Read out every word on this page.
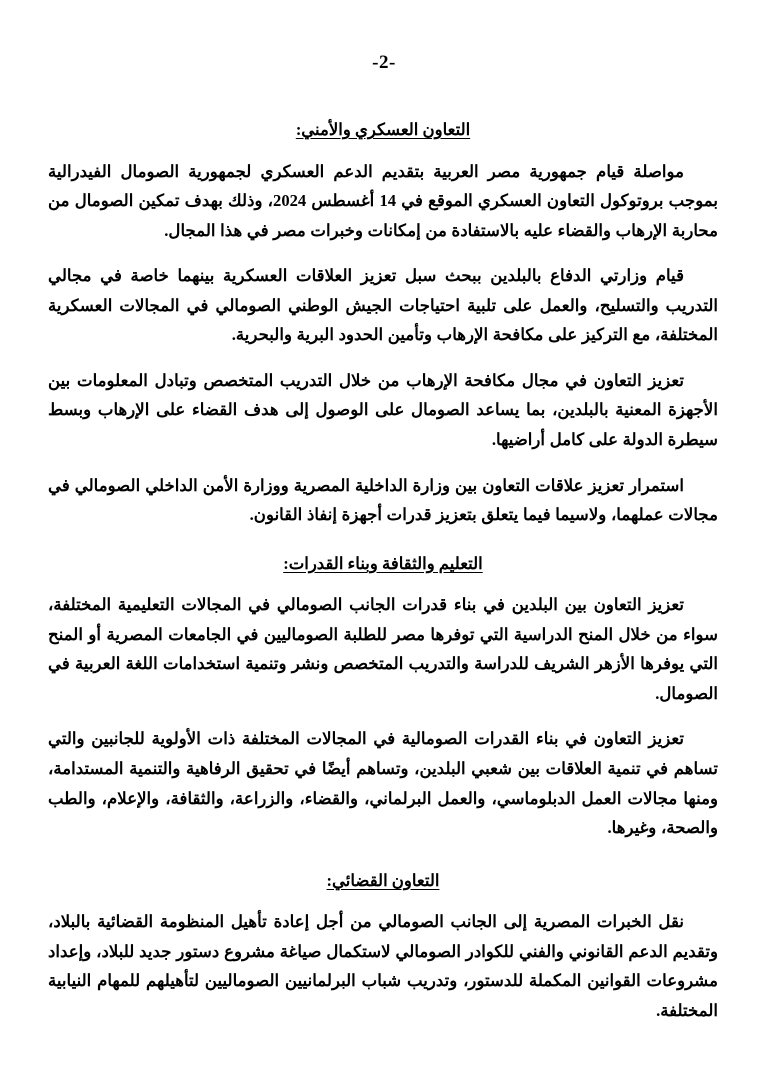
-2-
التعاون العسكري والأمني:

مواصلة قيام جمهورية مصر العربية بتقديم الدعم العسكري لجمهورية الصومال الفيدرالية بموجب بروتوكول التعاون العسكري الموقع في 14 أغسطس 2024، وذلك بهدف تمكين الصومال من محاربة الإرهاب والقضاء عليه بالاستفادة من إمكانات وخبرات مصر في هذا المجال.

قيام وزارتي الدفاع بالبلدين ببحث سبل تعزيز العلاقات العسكرية بينهما خاصة في مجالي التدريب والتسليح، والعمل على تلبية احتياجات الجيش الوطني الصومالي في المجالات العسكرية المختلفة، مع التركيز على مكافحة الإرهاب وتأمين الحدود البرية والبحرية.

تعزيز التعاون في مجال مكافحة الإرهاب من خلال التدريب المتخصص وتبادل المعلومات بين الأجهزة المعنية بالبلدين، بما يساعد الصومال على الوصول إلى هدف القضاء على الإرهاب وبسط سيطرة الدولة على كامل أراضيها.

استمرار تعزيز علاقات التعاون بين وزارة الداخلية المصرية ووزارة الأمن الداخلي الصومالي في مجالات عملهما، ولاسيما فيما يتعلق بتعزيز قدرات أجهزة إنفاذ القانون.

التعليم والثقافة وبناء القدرات:

تعزيز التعاون بين البلدين في بناء قدرات الجانب الصومالي في المجالات التعليمية المختلفة، سواء من خلال المنح الدراسية التي توفرها مصر للطلبة الصوماليين في الجامعات المصرية أو المنح التي يوفرها الأزهر الشريف للدراسة والتدريب المتخصص ونشر وتنمية استخدامات اللغة العربية في الصومال.

تعزيز التعاون في بناء القدرات الصومالية في المجالات المختلفة ذات الأولوية للجانبين والتي تساهم في تنمية العلاقات بين شعبي البلدين، وتساهم أيضًا في تحقيق الرفاهية والتنمية المستدامة، ومنها مجالات العمل الدبلوماسي، والعمل البرلماني، والقضاء، والزراعة، والثقافة، والإعلام، والطب والصحة، وغيرها.

التعاون القضائي:

نقل الخبرات المصرية إلى الجانب الصومالي من أجل إعادة تأهيل المنظومة القضائية بالبلاد، وتقديم الدعم القانوني والفني للكوادر الصومالي لاستكمال صياغة مشروع دستور جديد للبلاد، وإعداد مشروعات القوانين المكملة للدستور، وتدريب شباب البرلمانيين الصوماليين لتأهيلهم للمهام النيابية المختلفة.
